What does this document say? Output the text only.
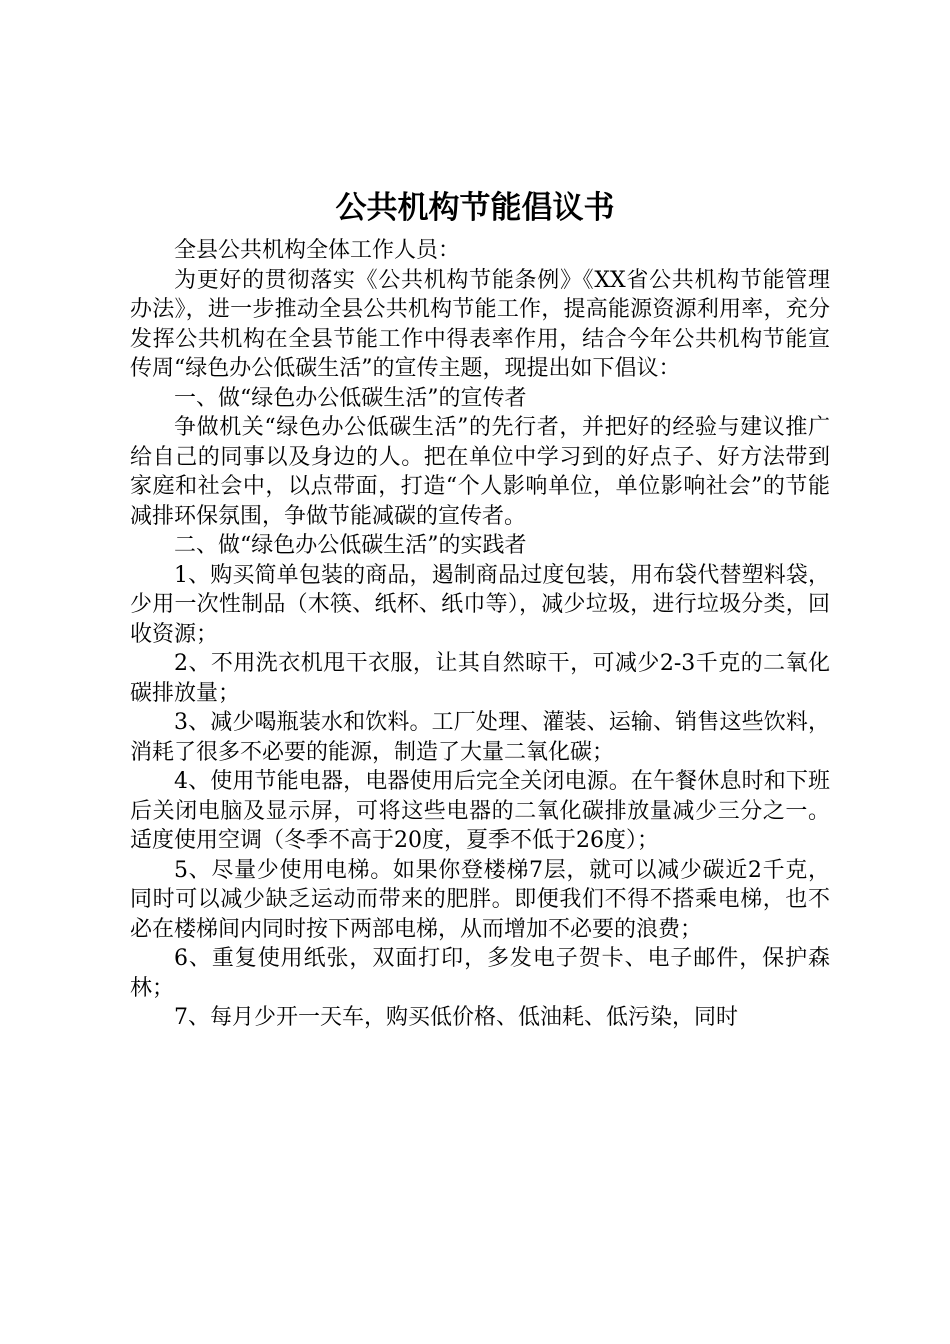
公共机构节能倡议书

全县公共机构全体工作人员：

为更好的贯彻落实《公共机构节能条例》《XX省公共机构节能管理办法》，进一步推动全县公共机构节能工作，提高能源资源利用率，充分发挥公共机构在全县节能工作中得表率作用，结合今年公共机构节能宣传周“绿色办公低碳生活”的宣传主题，现提出如下倡议：

一、做“绿色办公低碳生活”的宣传者

争做机关“绿色办公低碳生活”的先行者，并把好的经验与建议推广给自己的同事以及身边的人。把在单位中学习到的好点子、好方法带到家庭和社会中，以点带面，打造“个人影响单位，单位影响社会”的节能减排环保氛围，争做节能减碳的宣传者。

二、做“绿色办公低碳生活”的实践者

1、购买简单包装的商品，遏制商品过度包装，用布袋代替塑料袋，少用一次性制品（木筷、纸杯、纸巾等），减少垃圾，进行垃圾分类，回收资源；

2、不用洗衣机甩干衣服，让其自然晾干，可减少2-3千克的二氧化碳排放量；

3、减少喝瓶装水和饮料。工厂处理、灌装、运输、销售这些饮料，消耗了很多不必要的能源，制造了大量二氧化碳；

4、使用节能电器，电器使用后完全关闭电源。在午餐休息时和下班后关闭电脑及显示屏，可将这些电器的二氧化碳排放量减少三分之一。适度使用空调（冬季不高于20度，夏季不低于26度）；

5、尽量少使用电梯。如果你登楼梯7层，就可以减少碳近2千克，同时可以减少缺乏运动而带来的肥胖。即便我们不得不搭乘电梯，也不必在楼梯间内同时按下两部电梯，从而增加不必要的浪费；

6、重复使用纸张，双面打印，多发电子贺卡、电子邮件，保护森林；

7、每月少开一天车，购买低价格、低油耗、低污染，同时
